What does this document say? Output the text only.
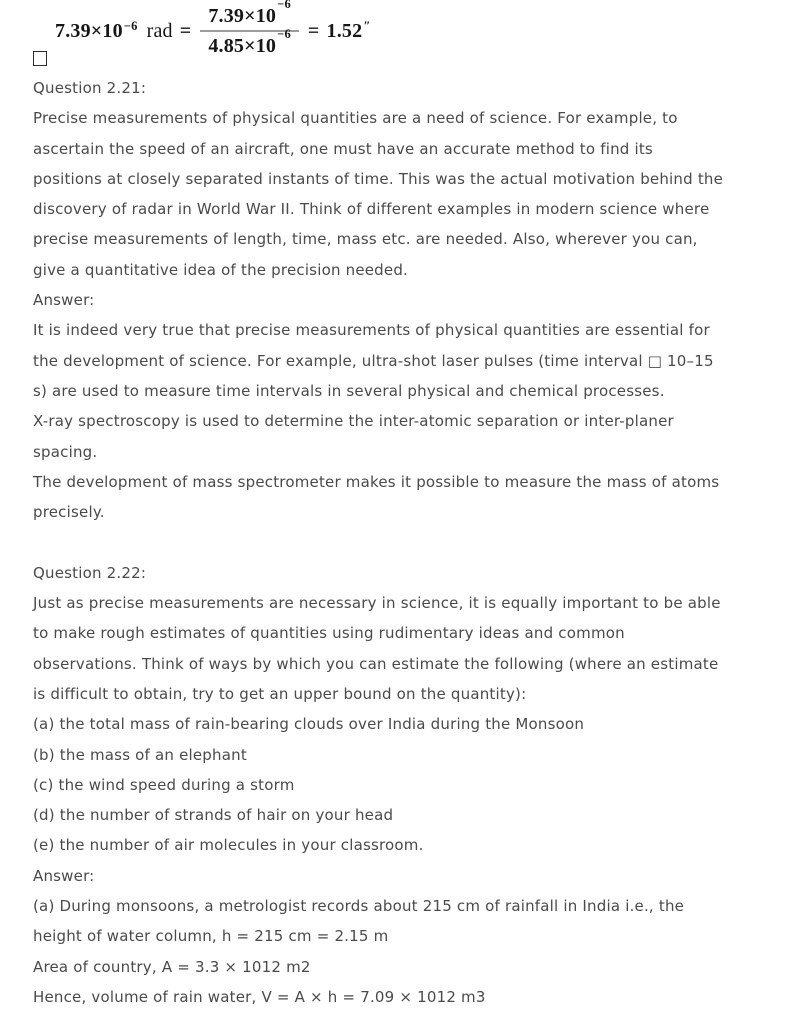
7.39×10 −6 rad = $\frac{7.39\times 10^{-6}}{4.85\times 10^{-6}} = 1.52$ ″
Question 2.21:
Precise measurements of physical quantities are a need of science. For example, to
ascertain the speed of an aircraft, one must have an accurate method to find its
positions at closely separated instants of time. This was the actual motivation behind the
discovery of radar in World War II. Think of different examples in modern science where
precise measurements of length, time, mass etc. are needed. Also, wherever you can,
give a quantitative idea of the precision needed.
Answer:
It is indeed very true that precise measurements of physical quantities are essential for
the development of science. For example, ultra-shot laser pulses (time interval □ 10–15
s) are used to measure time intervals in several physical and chemical processes.
X-ray spectroscopy is used to determine the inter-atomic separation or inter-planer
spacing.
The development of mass spectrometer makes it possible to measure the mass of atoms
precisely.
Question 2.22:
Just as precise measurements are necessary in science, it is equally important to be able
to make rough estimates of quantities using rudimentary ideas and common
observations. Think of ways by which you can estimate the following (where an estimate
is difficult to obtain, try to get an upper bound on the quantity):
(a) the total mass of rain-bearing clouds over India during the Monsoon
(b) the mass of an elephant
(c) the wind speed during a storm
(d) the number of strands of hair on your head
(e) the number of air molecules in your classroom.
Answer:
(a) During monsoons, a metrologist records about 215 cm of rainfall in India i.e., the
height of water column, h = 215 cm = 2.15 m
Area of country, A = 3.3 × 1012 m2
Hence, volume of rain water, V = A × h = 7.09 × 1012 m3
